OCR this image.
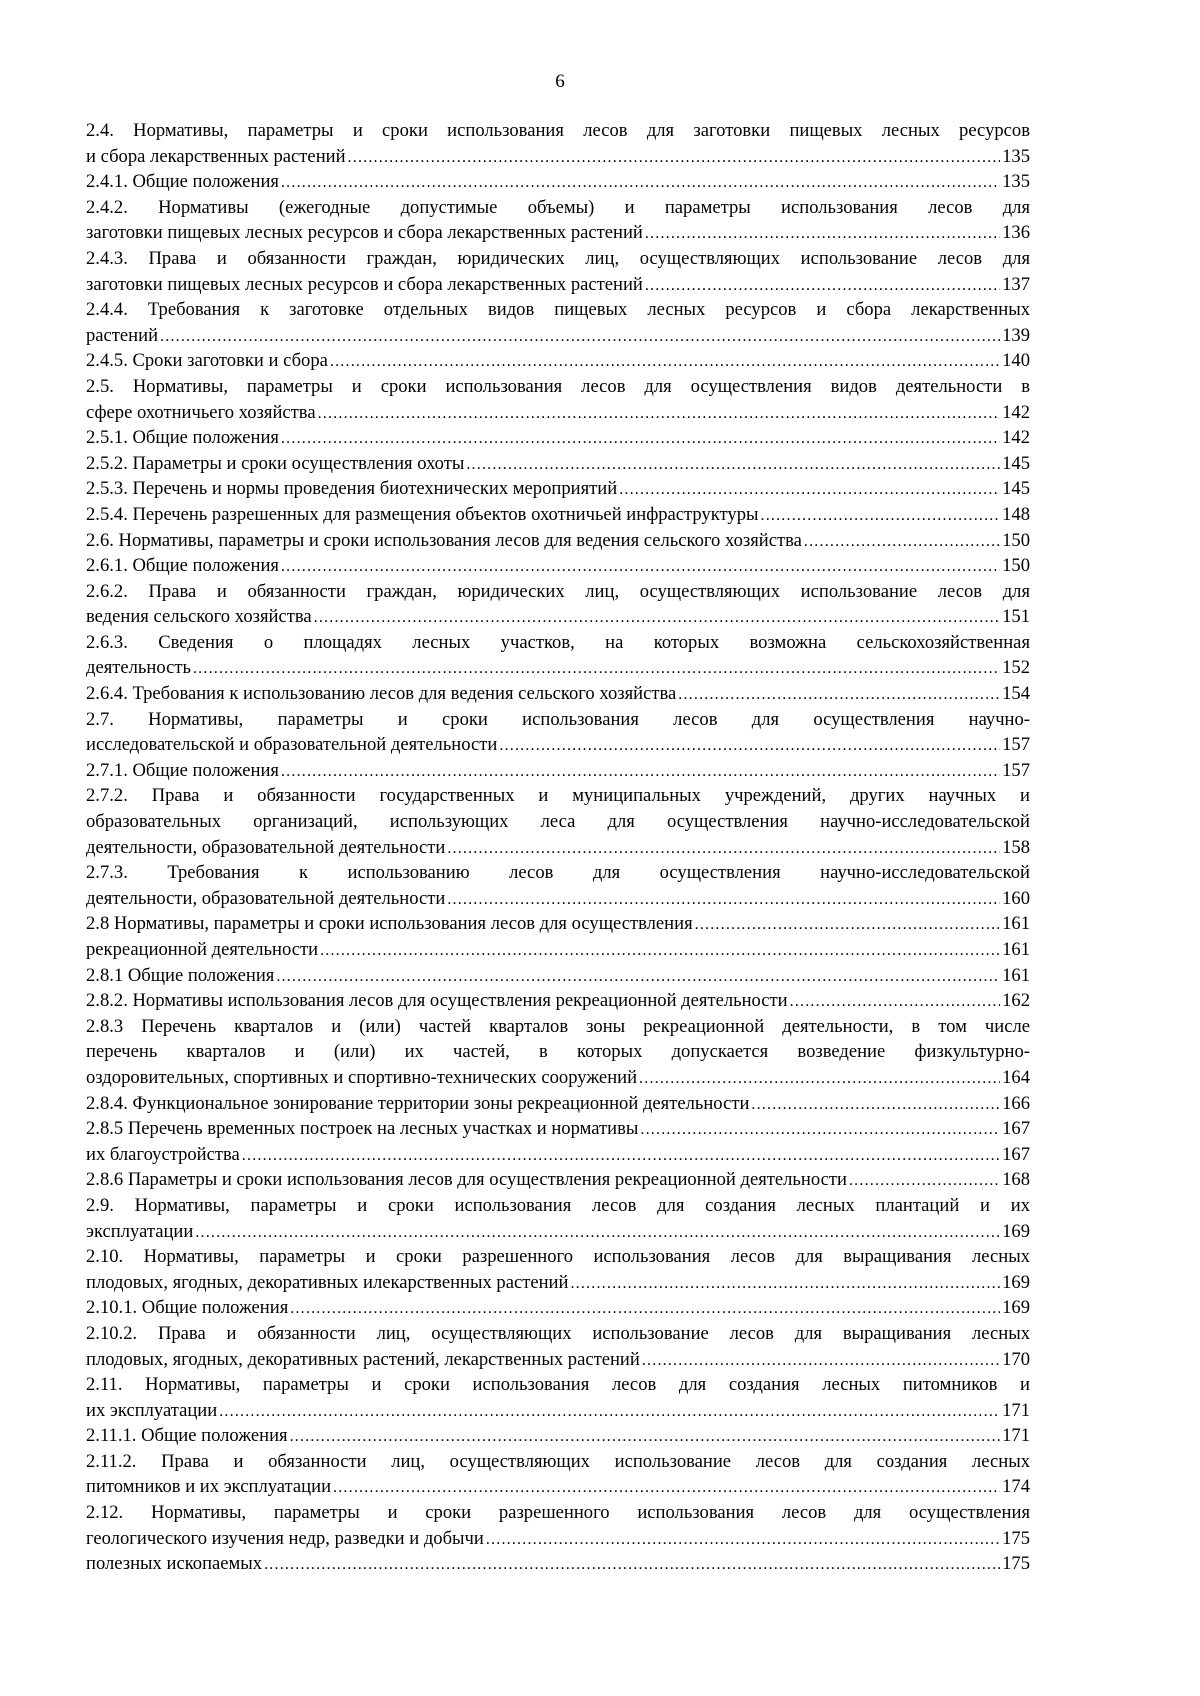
6
2.4. Нормативы, параметры и сроки использования лесов для заготовки пищевых лесных ресурсов
и сбора лекарственных растений .....	135
2.4.1. Общие положения .....	135
2.4.2. Нормативы (ежегодные допустимые объемы) и параметры использования лесов для
заготовки пищевых лесных ресурсов и сбора лекарственных растений .....	136
2.4.3. Права и обязанности граждан, юридических лиц, осуществляющих использование лесов для
заготовки пищевых лесных ресурсов и сбора лекарственных растений .....	137
2.4.4. Требования к заготовке отдельных видов пищевых лесных ресурсов и сбора лекарственных
растений .....	139
2.4.5. Сроки заготовки и сбора .....	140
2.5. Нормативы, параметры и сроки использования лесов для осуществления видов деятельности в
сфере охотничьего хозяйства .....	142
2.5.1. Общие положения .....	142
2.5.2. Параметры и сроки осуществления охоты .....	145
2.5.3. Перечень и нормы проведения биотехнических мероприятий .....	145
2.5.4. Перечень разрешенных для размещения объектов охотничьей инфраструктуры .....	148
2.6. Нормативы, параметры и сроки использования лесов для ведения сельского хозяйства .....	150
2.6.1. Общие положения .....	150
2.6.2. Права и обязанности граждан, юридических лиц, осуществляющих использование лесов для
ведения сельского хозяйства .....	151
2.6.3. Сведения о площадях лесных участков, на которых возможна сельскохозяйственная
деятельность .....	152
2.6.4. Требования к использованию лесов для ведения сельского хозяйства .....	154
2.7. Нормативы, параметры и сроки использования лесов для осуществления научно-
исследовательской и образовательной деятельности .....	157
2.7.1. Общие положения .....	157
2.7.2. Права и обязанности государственных и муниципальных учреждений, других научных и
образовательных организаций, использующих леса для осуществления научно-исследовательской
деятельности, образовательной деятельности .....	158
2.7.3. Требования к использованию лесов для осуществления научно-исследовательской
деятельности, образовательной деятельности .....	160
2.8 Нормативы, параметры и сроки использования лесов для осуществления .....	161
рекреационной деятельности .....	161
2.8.1 Общие положения .....	161
2.8.2. Нормативы использования лесов для осуществления рекреационной деятельности .....	162
2.8.3 Перечень кварталов и (или) частей кварталов зоны рекреационной деятельности, в том числе
перечень кварталов и (или) их частей, в которых допускается возведение физкультурно-
оздоровительных, спортивных и спортивно-технических сооружений .....	164
2.8.4. Функциональное зонирование территории зоны рекреационной деятельности .....	166
2.8.5 Перечень временных построек на лесных участках и нормативы .....	167
их благоустройства .....	167
2.8.6 Параметры и сроки использования лесов для осуществления рекреационной деятельности .....	168
2.9. Нормативы, параметры и сроки использования лесов для создания лесных плантаций и их
эксплуатации .....	169
2.10. Нормативы, параметры и сроки разрешенного использования лесов для выращивания лесных
плодовых, ягодных, декоративных илекарственных растений .....	169
2.10.1. Общие положения .....	169
2.10.2. Права и обязанности лиц, осуществляющих использование лесов для выращивания лесных
плодовых, ягодных, декоративных растений, лекарственных растений .....	170
2.11. Нормативы, параметры и сроки использования лесов для создания лесных питомников и
их эксплуатации .....	171
2.11.1. Общие положения .....	171
2.11.2. Права и обязанности лиц, осуществляющих использование лесов для создания лесных
питомников и их эксплуатации .....	174
2.12. Нормативы, параметры и сроки разрешенного использования лесов для осуществления
геологического изучения недр, разведки и добычи .....	175
полезных ископаемых .....	175
